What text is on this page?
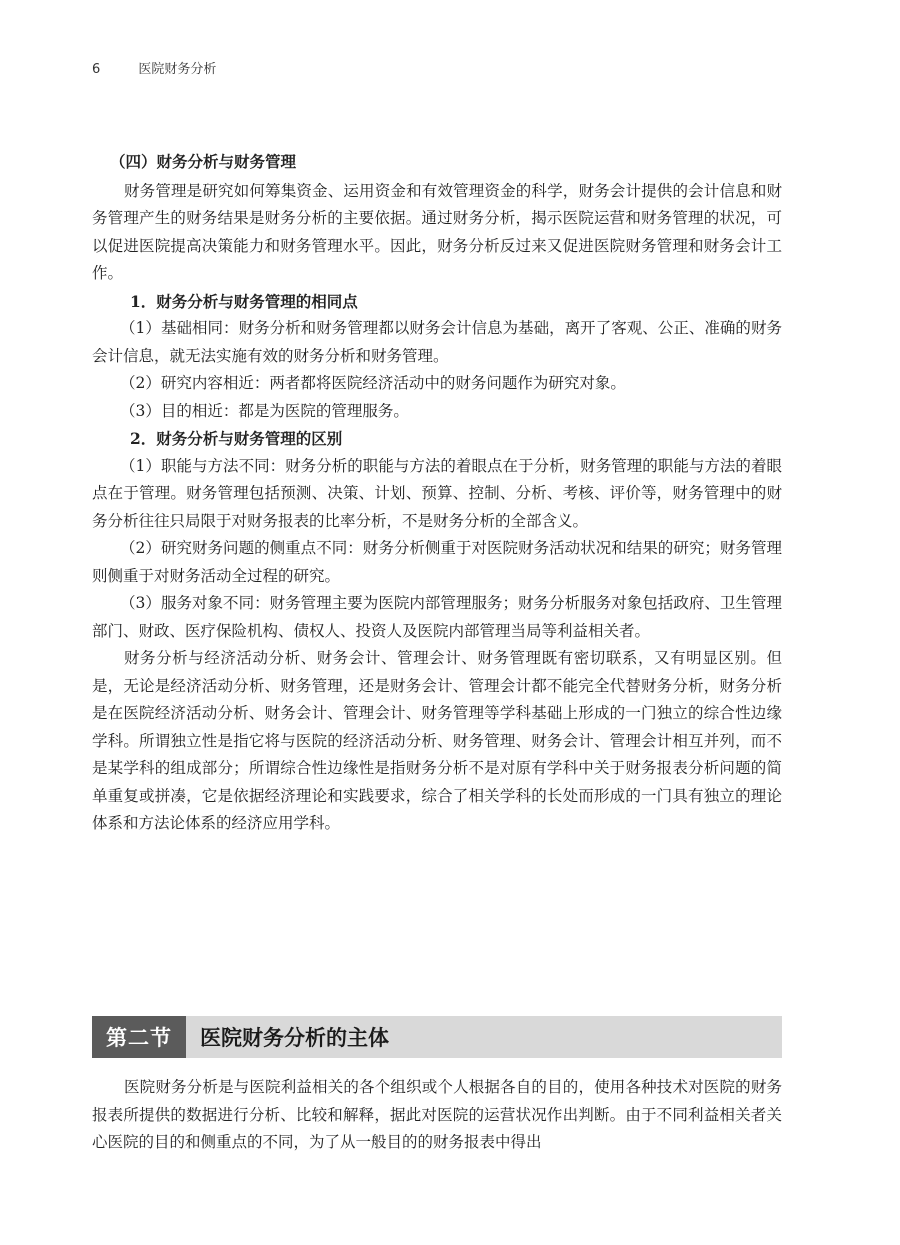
6	医院财务分析
（四）财务分析与财务管理

财务管理是研究如何筹集资金、运用资金和有效管理资金的科学，财务会计提供的会计信息和财务管理产生的财务结果是财务分析的主要依据。通过财务分析，揭示医院运营和财务管理的状况，可以促进医院提高决策能力和财务管理水平。因此，财务分析反过来又促进医院财务管理和财务会计工作。

1．财务分析与财务管理的相同点

（1）基础相同：财务分析和财务管理都以财务会计信息为基础，离开了客观、公正、准确的财务会计信息，就无法实施有效的财务分析和财务管理。

（2）研究内容相近：两者都将医院经济活动中的财务问题作为研究对象。

（3）目的相近：都是为医院的管理服务。

2．财务分析与财务管理的区别

（1）职能与方法不同：财务分析的职能与方法的着眼点在于分析，财务管理的职能与方法的着眼点在于管理。财务管理包括预测、决策、计划、预算、控制、分析、考核、评价等，财务管理中的财务分析往往只局限于对财务报表的比率分析，不是财务分析的全部含义。

（2）研究财务问题的侧重点不同：财务分析侧重于对医院财务活动状况和结果的研究；财务管理则侧重于对财务活动全过程的研究。

（3）服务对象不同：财务管理主要为医院内部管理服务；财务分析服务对象包括政府、卫生管理部门、财政、医疗保险机构、债权人、投资人及医院内部管理当局等利益相关者。

财务分析与经济活动分析、财务会计、管理会计、财务管理既有密切联系，又有明显区别。但是，无论是经济活动分析、财务管理，还是财务会计、管理会计都不能完全代替财务分析，财务分析是在医院经济活动分析、财务会计、管理会计、财务管理等学科基础上形成的一门独立的综合性边缘学科。所谓独立性是指它将与医院的经济活动分析、财务管理、财务会计、管理会计相互并列，而不是某学科的组成部分；所谓综合性边缘性是指财务分析不是对原有学科中关于财务报表分析问题的简单重复或拼凑，它是依据经济理论和实践要求，综合了相关学科的长处而形成的一门具有独立的理论体系和方法论体系的经济应用学科。

第二节	医院财务分析的主体

医院财务分析是与医院利益相关的各个组织或个人根据各自的目的，使用各种技术对医院的财务报表所提供的数据进行分析、比较和解释，据此对医院的运营状况作出判断。由于不同利益相关者关心医院的目的和侧重点的不同，为了从一般目的的财务报表中得出
